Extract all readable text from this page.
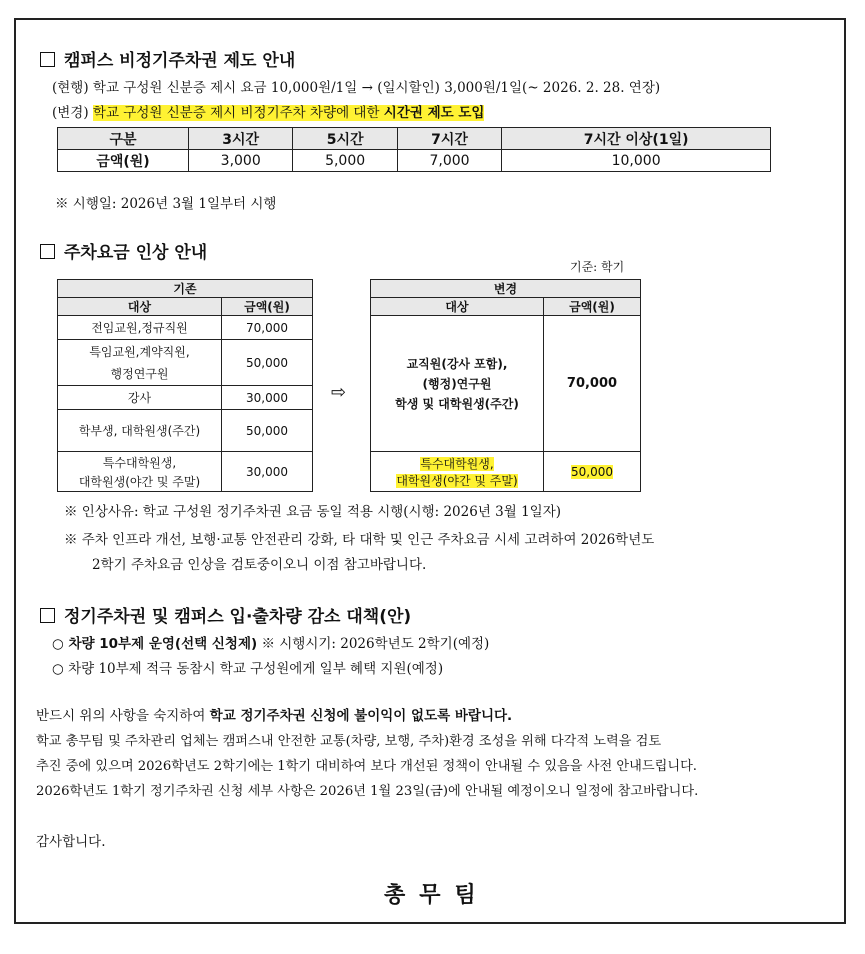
캠퍼스 비정기주차권 제도 안내
(현행) 학교 구성원 신분증 제시 요금 10,000원/1일 → (일시할인) 3,000원/1일(~ 2026. 2. 28. 연장)
(변경) 학교 구성원 신분증 제시 비정기주차 차량에 대한 시간권 제도 도입
구분	3시간	5시간	7시간	7시간 이상(1일)
금액(원)	3,000	5,000	7,000	10,000
※ 시행일: 2026년 3월 1일부터 시행
주차요금 인상 안내
기준: 학기
기존	
대상	금액(원)
전임교원,정규직원	70,000

특임교원,계약직원,
행정연구원	50,000
강사	30,000
학부생, 대학원생(주간)	50,000

특수대학원생,
대학원생(야간 및 주말)	30,000
⇨
변경	
대상	금액(원)

교직원(강사 포함),
(행정)연구원
학생 및 대학원생(주간)	70,000
특수대학원생,
대학원생(야간 및 주말)	50,000
※ 인상사유: 학교 구성원 정기주차권 요금 동일 적용 시행(시행: 2026년 3월 1일자)
※ 주차 인프라 개선, 보행·교통 안전관리 강화, 타 대학 및 인근 주차요금 시세 고려하여 2026학년도
2학기 주차요금 인상을 검토중이오니 이점 참고바랍니다.
정기주차권 및 캠퍼스 입·출차량 감소 대책(안)
○ 차량 10부제 운영(선택 신청제) ※ 시행시기: 2026학년도 2학기(예정)
○ 차량 10부제 적극 동참시 학교 구성원에게 일부 혜택 지원(예정)
반드시 위의 사항을 숙지하여 학교 정기주차권 신청에 불이익이 없도록 바랍니다.
학교 총무팀 및 주차관리 업체는 캠퍼스내 안전한 교통(차량, 보행, 주차)환경 조성을 위해 다각적 노력을 검토
추진 중에 있으며 2026학년도 2학기에는 1학기 대비하여 보다 개선된 정책이 안내될 수 있음을 사전 안내드립니다.
2026학년도 1학기 정기주차권 신청 세부 사항은 2026년 1월 23일(금)에 안내될 예정이오니 일정에 참고바랍니다.
감사합니다.
총무팀
